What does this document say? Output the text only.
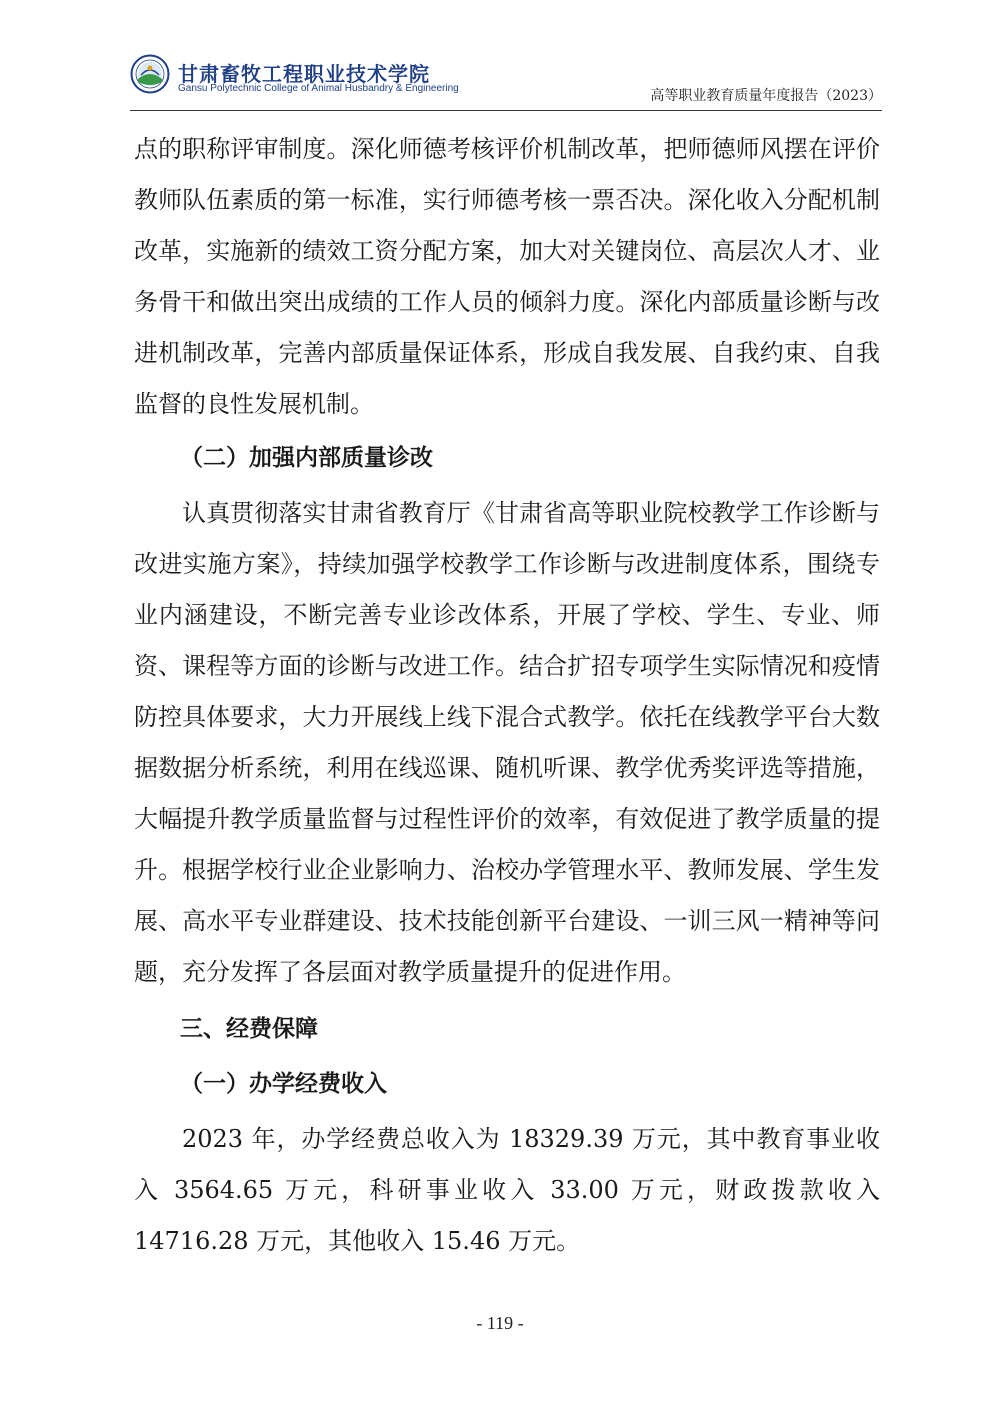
甘肃畜牧工程职业技术学院
Gansu Polytechnic College of Animal Husbandry & Engineering	高等职业教育质量年度报告（2023）

点的职称评审制度。深化师德考核评价机制改革，把师德师风摆在评价教师队伍素质的第一标准，实行师德考核一票否决。深化收入分配机制改革，实施新的绩效工资分配方案，加大对关键岗位、高层次人才、业务骨干和做出突出成绩的工作人员的倾斜力度。深化内部质量诊断与改进机制改革，完善内部质量保证体系，形成自我发展、自我约束、自我监督的良性发展机制。

（二）加强内部质量诊改

认真贯彻落实甘肃省教育厅《甘肃省高等职业院校教学工作诊断与改进实施方案》，持续加强学校教学工作诊断与改进制度体系，围绕专业内涵建设，不断完善专业诊改体系，开展了学校、学生、专业、师资、课程等方面的诊断与改进工作。结合扩招专项学生实际情况和疫情防控具体要求，大力开展线上线下混合式教学。依托在线教学平台大数据数据分析系统，利用在线巡课、随机听课、教学优秀奖评选等措施，大幅提升教学质量监督与过程性评价的效率，有效促进了教学质量的提升。根据学校行业企业影响力、治校办学管理水平、教师发展、学生发展、高水平专业群建设、技术技能创新平台建设、一训三风一精神等问题，充分发挥了各层面对教学质量提升的促进作用。

三、经费保障
（一）办学经费收入

2023 年，办学经费总收入为 18329.39 万元，其中教育事业收入 3564.65 万元，科研事业收入 33.00 万元，财政拨款收入 14716.28 万元，其他收入 15.46 万元。

- 119 -
